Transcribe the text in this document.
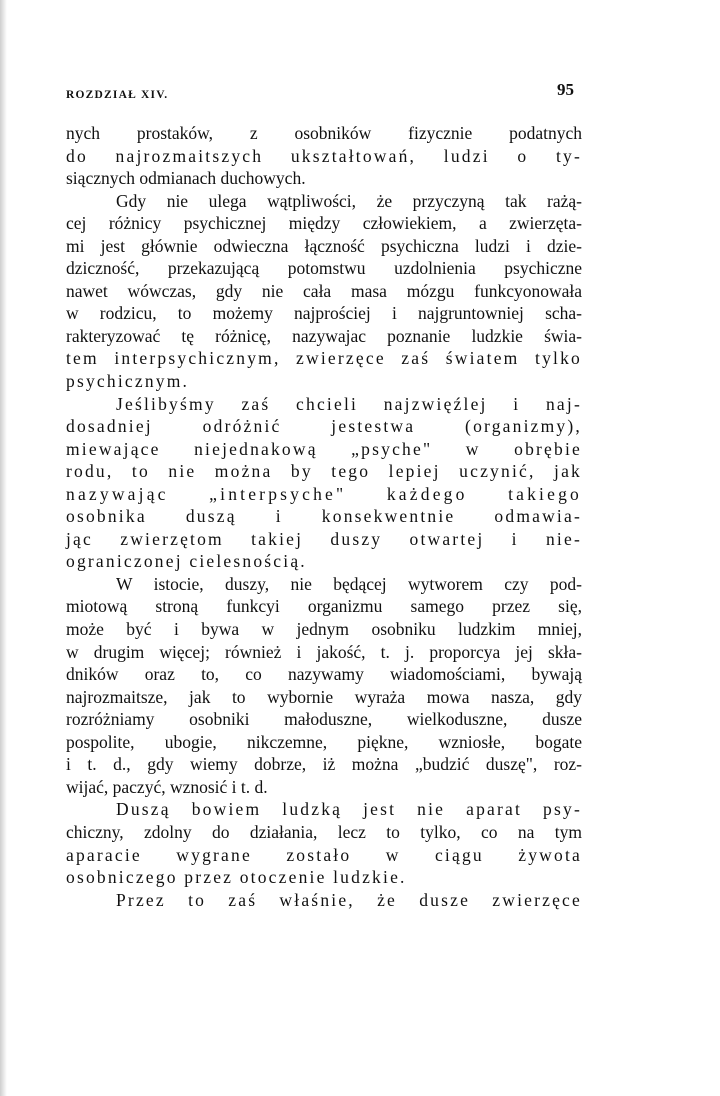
ROZDZIAŁ XIV.	95
nych prostaków, z osobników fizycznie podatnych
do najrozmaitszych ukształtowań, ludzi o ty-
siącznych odmianach duchowych.
Gdy nie ulega wątpliwości, że przyczyną tak rażą-
cej różnicy psychicznej między człowiekiem, a zwierzęta-
mi jest głównie odwieczna łączność psychiczna ludzi i dzie-
dziczność, przekazującą potomstwu uzdolnienia psychiczne
nawet wówczas, gdy nie cała masa mózgu funkcyonowała
w rodzicu, to możemy najprościej i najgruntowniej scha-
rakteryzować tę różnicę, nazywajac poznanie ludzkie świa-
tem interpsychicznym, zwierzęce zaś światem tylko
psychicznym.
Jeślibyśmy zaś chcieli najzwięźlej i naj-
dosadniej odróżnić jestestwa (organizmy),
miewające niejednakową „psyche" w obrębie
rodu, to nie można by tego lepiej uczynić, jak
nazywając „interpsyche" każdego takiego
osobnika duszą i konsekwentnie odmawia-
jąc zwierzętom takiej duszy otwartej i nie-
ograniczonej cielesnością.
W istocie, duszy, nie będącej wytworem czy pod-
miotową stroną funkcyi organizmu samego przez się,
może być i bywa w jednym osobniku ludzkim mniej,
w drugim więcej; również i jakość, t. j. proporcya jej skła-
dników oraz to, co nazywamy wiadomościami, bywają
najrozmaitsze, jak to wybornie wyraża mowa nasza, gdy
rozróżniamy osobniki małoduszne, wielkoduszne, dusze
pospolite, ubogie, nikczemne, piękne, wzniosłe, bogate
i t. d., gdy wiemy dobrze, iż można „budzić duszę", roz-
wijać, paczyć, wznosić i t. d.
Duszą bowiem ludzką jest nie aparat psy-
chiczny, zdolny do działania, lecz to tylko, co na tym
aparacie wygrane zostało w ciągu żywota
osobniczego przez otoczenie ludzkie.
Przez to zaś właśnie, że dusze zwierzęce
